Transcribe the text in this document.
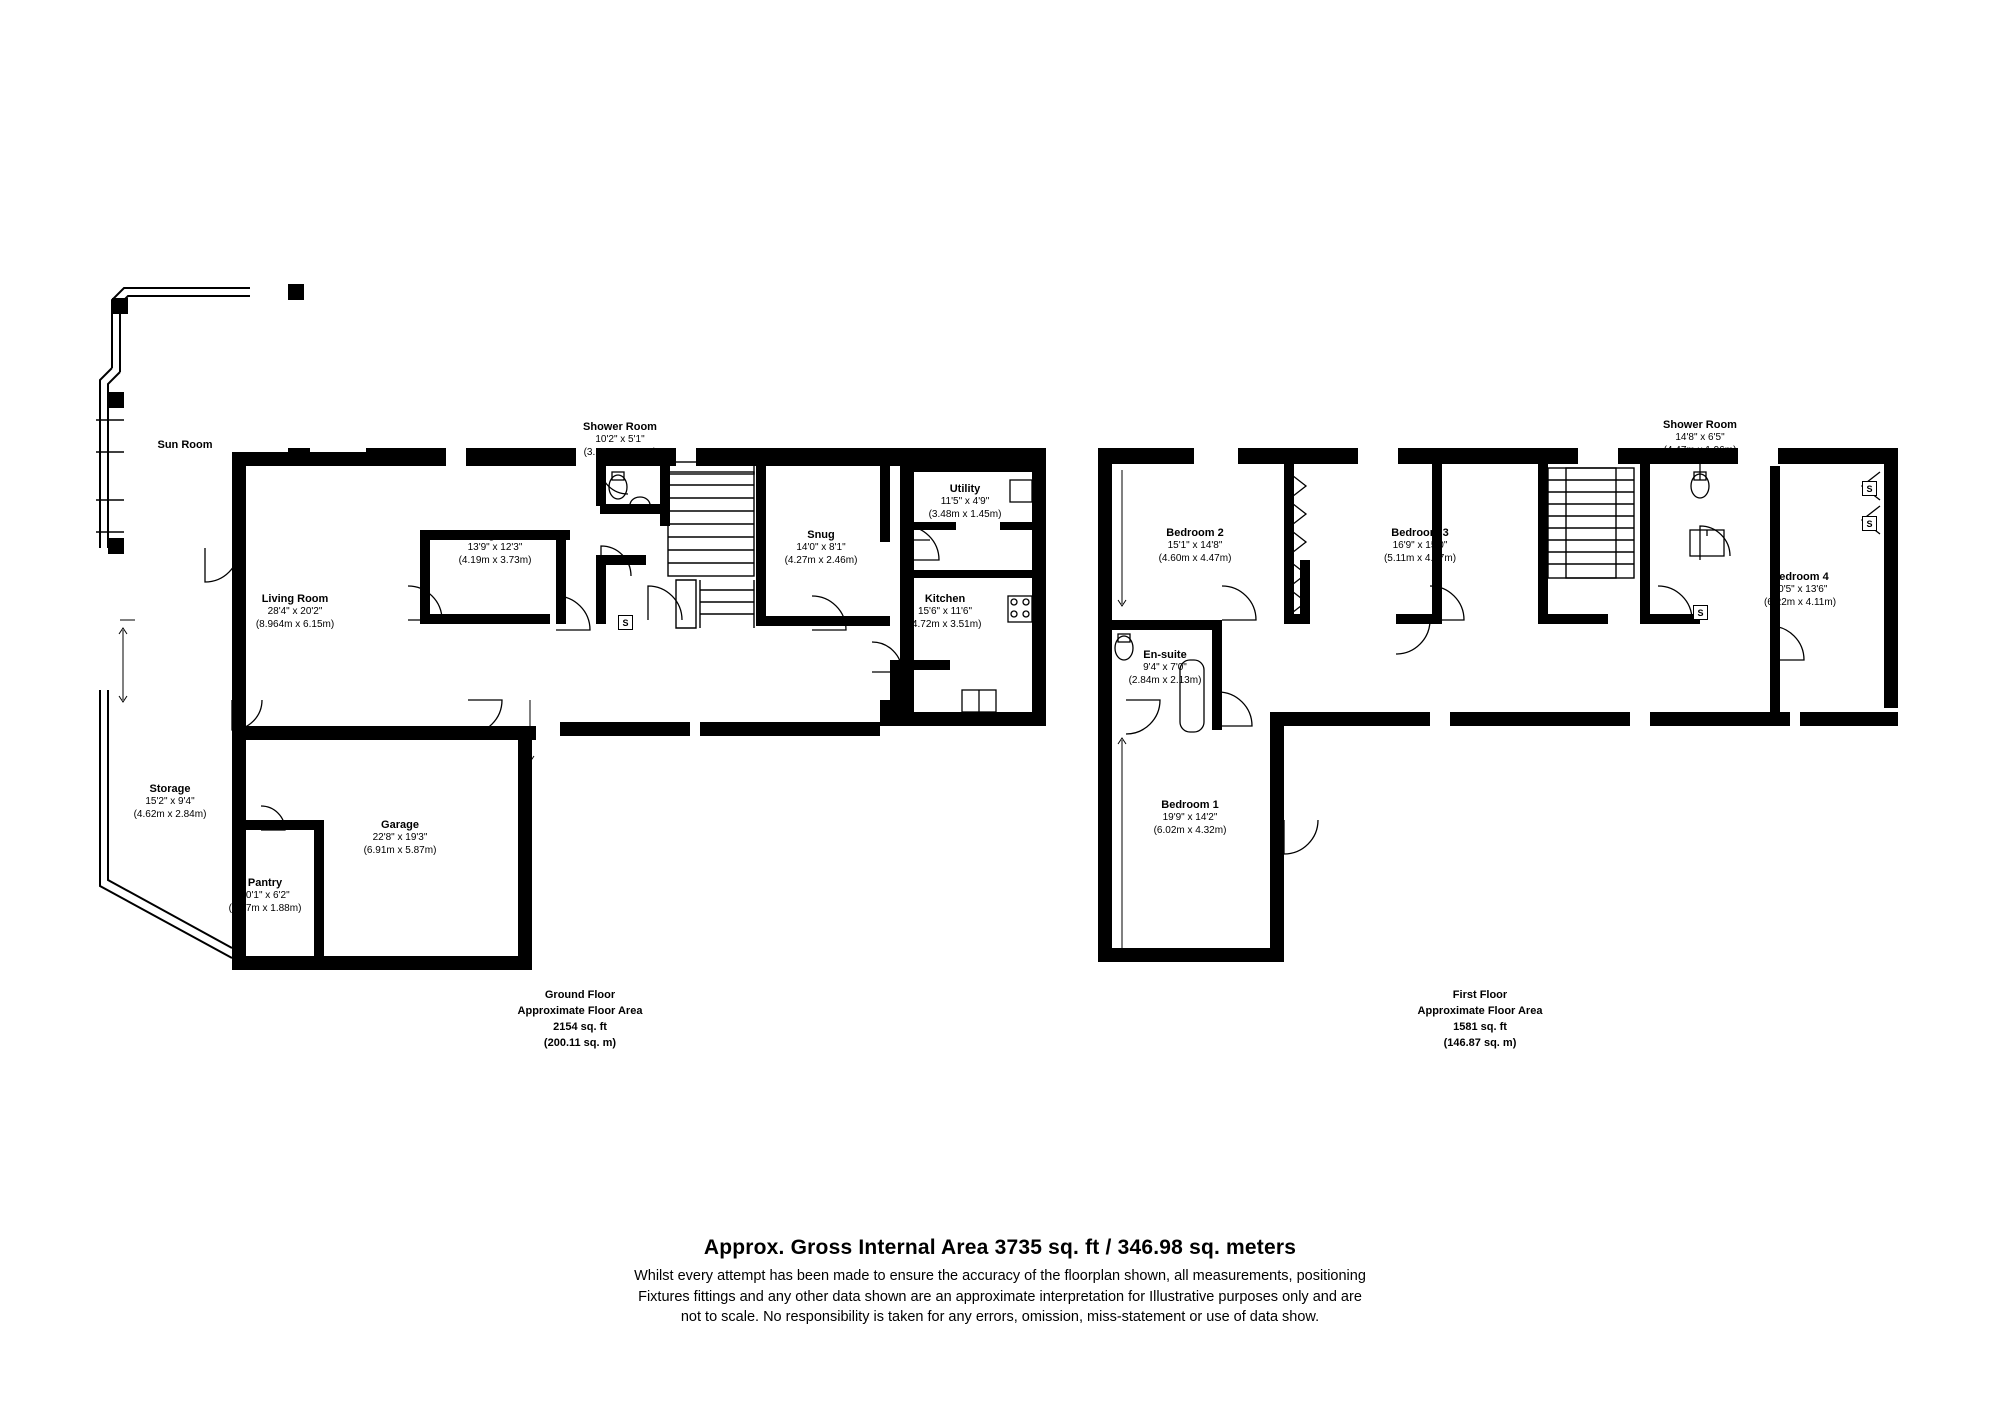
Sun Room
Living Room
28'4" x 20'2"
(8.964m x 6.15m)
Dining Room
13'9" x 12'3"
(4.19m x 3.73m)
Shower Room
10'2" x 5'1"
(3.10m x 1.55m)
Snug
14'0" x 8'1"
(4.27m x 2.46m)
Utility
11'5" x 4'9"
(3.48m x 1.45m)
Kitchen
15'6" x 11'6"
(4.72m x 3.51m)
Storage
15'2" x 9'4"
(4.62m x 2.84m)
Garage
22'8" x 19'3"
(6.91m x 5.87m)
Pantry
10'1" x 6'2"
(3.07m x 1.88m)
S
Ground Floor
Approximate Floor Area
2154 sq. ft
(200.11 sq. m)
Bedroom 2
15'1" x 14'8"
(4.60m x 4.47m)
Bedroom 3
16'9" x 15'0"
(5.11m x 4.57m)
Bedroom 4
20'5" x 13'6"
(6.22m x 4.11m)
Bedroom 1
19'9" x 14'2"
(6.02m x 4.32m)
Shower Room
14'8" x 6'5"
(4.47m x 1.96m)
En-suite
9'4" x 7'0"
(2.84m x 2.13m)
S
S
S
First Floor
Approximate Floor Area
1581 sq. ft
(146.87 sq. m)
Approx. Gross Internal Area 3735 sq. ft / 346.98 sq. meters
Whilst every attempt has been made to ensure the accuracy of the floorplan shown, all measurements, positioning
Fixtures fittings and any other data shown are an approximate interpretation for Illustrative purposes only and are
not to scale. No responsibility is taken for any errors, omission, miss-statement or use of data show.
